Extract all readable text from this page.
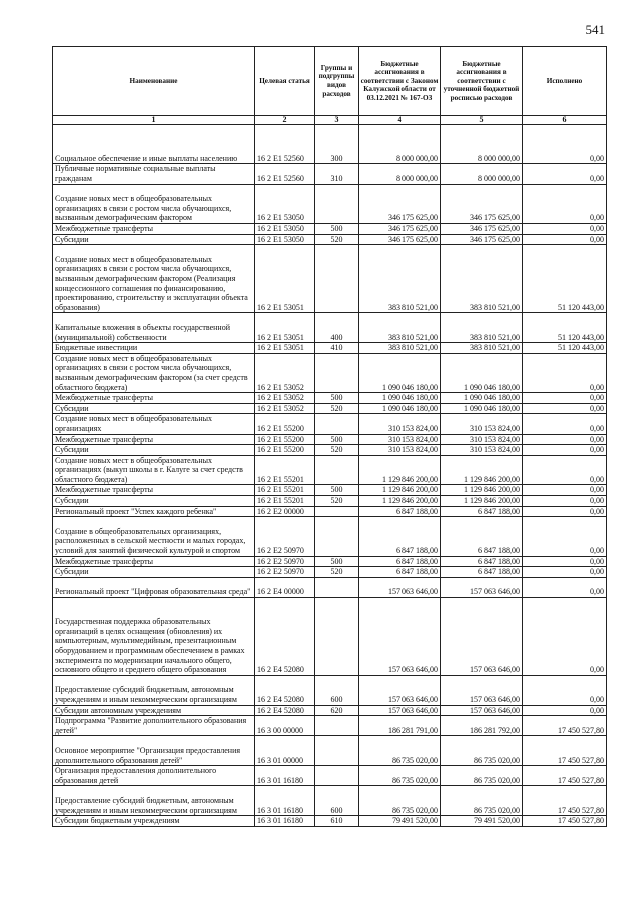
541
Наименование	Целевая статья	Группы и подгруппы видов расходов	Бюджетные ассигнования в соответствии с Законом Калужской области от 03.12.2021 № 167-ОЗ	Бюджетные ассигнования в соответствии с уточненной бюджетной росписью расходов	Исполнено
1	2	3	4	5	6
Социальное обеспечение и иные выплаты населению	16 2 E1 52560	300	8 000 000,00	8 000 000,00	0,00
Публичные нормативные социальные выплаты гражданам	16 2 E1 52560	310	8 000 000,00	8 000 000,00	0,00
Создание новых мест в общеобразовательных организациях в связи с ростом числа обучающихся, вызванным демографическим фактором	16 2 E1 53050		346 175 625,00	346 175 625,00	0,00
Межбюджетные трансферты	16 2 E1 53050	500	346 175 625,00	346 175 625,00	0,00
Субсидии	16 2 E1 53050	520	346 175 625,00	346 175 625,00	0,00
Создание новых мест в общеобразовательных организациях в связи с ростом числа обучающихся, вызванным демографическим фактором (Реализация концессионного соглашения по финансированию, проектированию, строительству и эксплуатации объекта образования)	16 2 E1 53051		383 810 521,00	383 810 521,00	51 120 443,00
Капитальные вложения в объекты государственной (муниципальной) собственности	16 2 E1 53051	400	383 810 521,00	383 810 521,00	51 120 443,00
Бюджетные инвестиции	16 2 E1 53051	410	383 810 521,00	383 810 521,00	51 120 443,00
Создание новых мест в общеобразовательных организациях в связи с ростом числа обучающихся, вызванным демографическим фактором (за счет средств областного бюджета)	16 2 E1 53052		1 090 046 180,00	1 090 046 180,00	0,00
Межбюджетные трансферты	16 2 E1 53052	500	1 090 046 180,00	1 090 046 180,00	0,00
Субсидии	16 2 E1 53052	520	1 090 046 180,00	1 090 046 180,00	0,00
Создание новых мест в общеобразовательных организациях	16 2 E1 55200		310 153 824,00	310 153 824,00	0,00
Межбюджетные трансферты	16 2 E1 55200	500	310 153 824,00	310 153 824,00	0,00
Субсидии	16 2 E1 55200	520	310 153 824,00	310 153 824,00	0,00
Создание новых мест в общеобразовательных организациях (выкуп школы в г. Калуге за счет средств областного бюджета)	16 2 E1 55201		1 129 846 200,00	1 129 846 200,00	0,00
Межбюджетные трансферты	16 2 E1 55201	500	1 129 846 200,00	1 129 846 200,00	0,00
Субсидии	16 2 E1 55201	520	1 129 846 200,00	1 129 846 200,00	0,00
Региональный проект "Успех каждого ребенка"	16 2 E2 00000		6 847 188,00	6 847 188,00	0,00
Создание в общеобразовательных организациях, расположенных в сельской местности и малых городах, условий для занятий физической культурой и спортом	16 2 E2 50970		6 847 188,00	6 847 188,00	0,00
Межбюджетные трансферты	16 2 E2 50970	500	6 847 188,00	6 847 188,00	0,00
Субсидии	16 2 E2 50970	520	6 847 188,00	6 847 188,00	0,00
Региональный проект "Цифровая образовательная среда"	16 2 E4 00000		157 063 646,00	157 063 646,00	0,00
Государственная поддержка образовательных организаций в целях оснащения (обновления) их компьютерным, мультимедийным, презентационным оборудованием и программным обеспечением в рамках эксперимента по модернизации начального общего, основного общего и среднего общего образования	16 2 E4 52080		157 063 646,00	157 063 646,00	0,00
Предоставление субсидий бюджетным, автономным учреждениям и иным некоммерческим организациям	16 2 E4 52080	600	157 063 646,00	157 063 646,00	0,00
Субсидии автономным учреждениям	16 2 E4 52080	620	157 063 646,00	157 063 646,00	0,00
Подпрограмма "Развитие дополнительного образования детей"	16 3 00 00000		186 281 791,00	186 281 792,00	17 450 527,80
Основное мероприятие "Организация предоставления дополнительного образования детей"	16 3 01 00000		86 735 020,00	86 735 020,00	17 450 527,80
Организация предоставления дополнительного образования детей	16 3 01 16180		86 735 020,00	86 735 020,00	17 450 527,80
Предоставление субсидий бюджетным, автономным учреждениям и иным некоммерческим организациям	16 3 01 16180	600	86 735 020,00	86 735 020,00	17 450 527,80
Субсидии бюджетным учреждениям	16 3 01 16180	610	79 491 520,00	79 491 520,00	17 450 527,80
